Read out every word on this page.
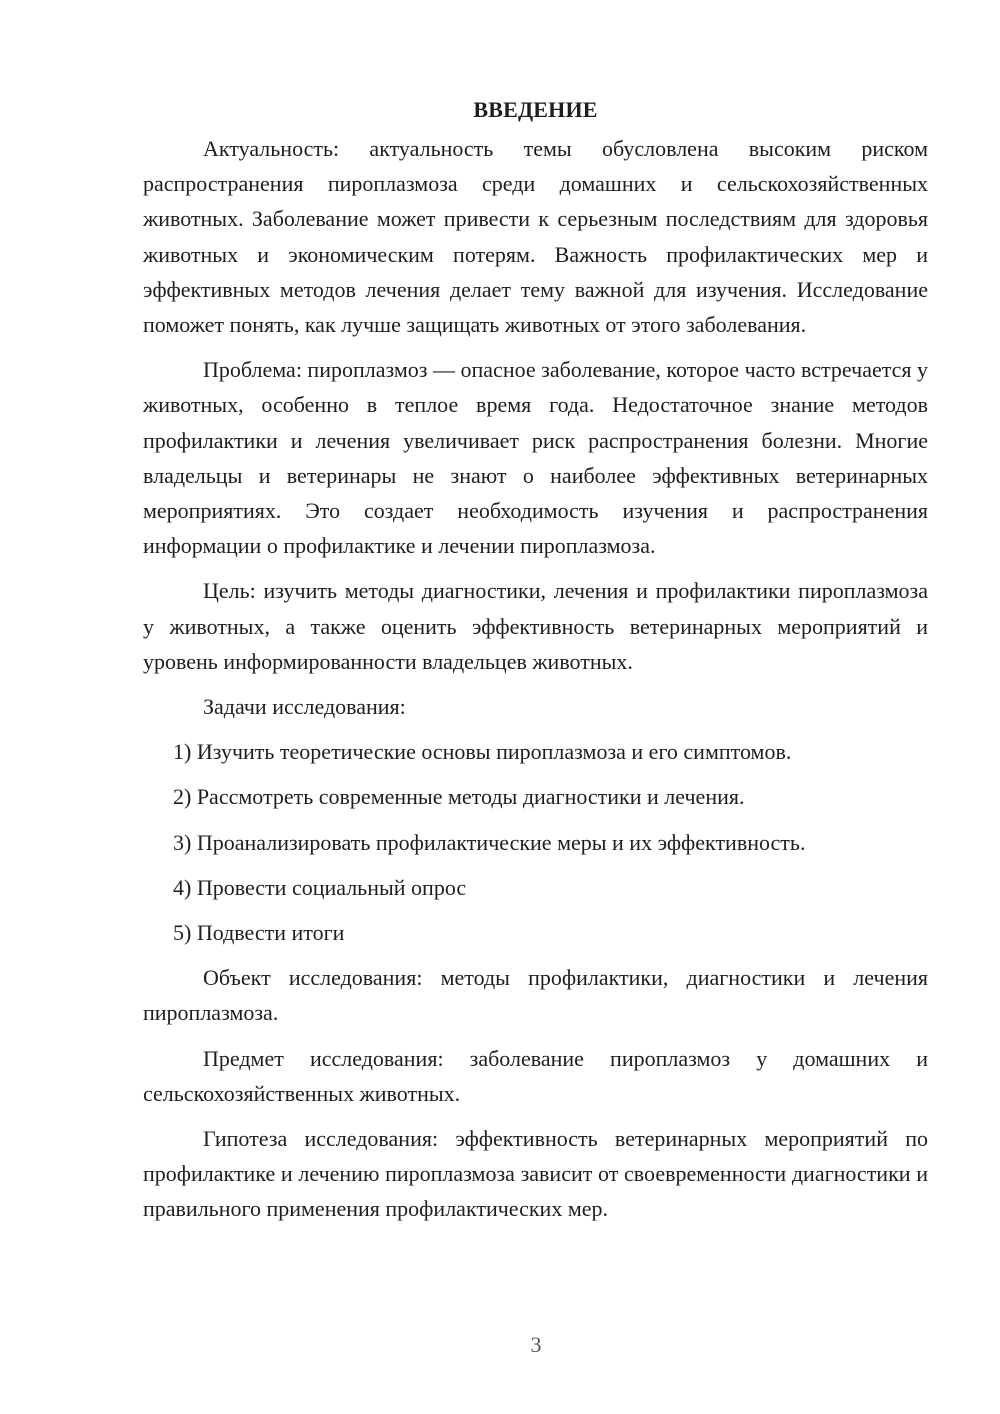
ВВЕДЕНИЕ

Актуальность: актуальность темы обусловлена высоким риском распространения пироплазмоза среди домашних и сельскохозяйственных животных. Заболевание может привести к серьезным последствиям для здоровья животных и экономическим потерям. Важность профилактических мер и эффективных методов лечения делает тему важной для изучения. Исследование поможет понять, как лучше защищать животных от этого заболевания.

Проблема: пироплазмоз — опасное заболевание, которое часто встречается у животных, особенно в теплое время года. Недостаточное знание методов профилактики и лечения увеличивает риск распространения болезни. Многие владельцы и ветеринары не знают о наиболее эффективных ветеринарных мероприятиях. Это создает необходимость изучения и распространения информации о профилактике и лечении пироплазмоза.

Цель: изучить методы диагностики, лечения и профилактики пироплазмоза у животных, а также оценить эффективность ветеринарных мероприятий и уровень информированности владельцев животных.

Задачи исследования:
1) Изучить теоретические основы пироплазмоза и его симптомов.
2) Рассмотреть современные методы диагностики и лечения.
3) Проанализировать профилактические меры и их эффективность.
4) Провести социальный опрос
5) Подвести итоги

Объект исследования: методы профилактики, диагностики и лечения пироплазмоза.

Предмет исследования: заболевание пироплазмоз у домашних и сельскохозяйственных животных.

Гипотеза исследования: эффективность ветеринарных мероприятий по профилактике и лечению пироплазмоза зависит от своевременности диагностики и правильного применения профилактических мер.

3
